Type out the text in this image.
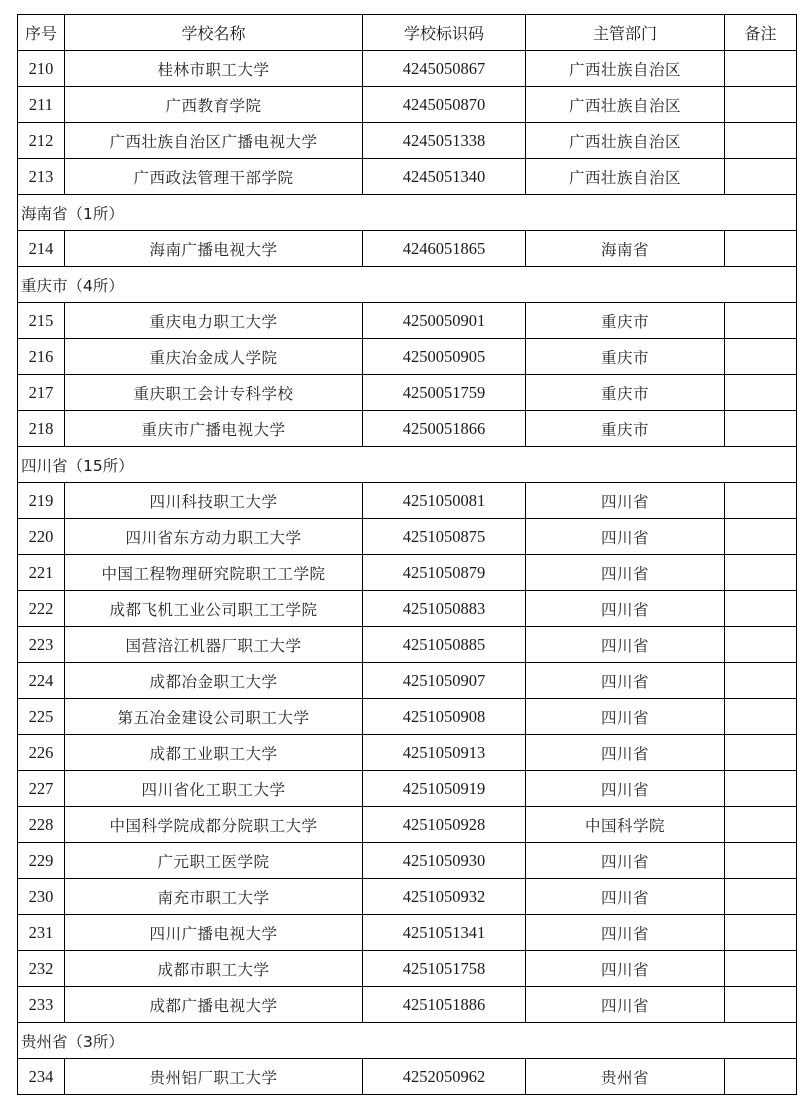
序号	学校名称	学校标识码	主管部门	备注
210	桂林市职工大学	4245050867	广西壮族自治区	
211	广西教育学院	4245050870	广西壮族自治区	
212	广西壮族自治区广播电视大学	4245051338	广西壮族自治区	
213	广西政法管理干部学院	4245051340	广西壮族自治区	
海南省（1所）				
214	海南广播电视大学	4246051865	海南省	
重庆市（4所）				
215	重庆电力职工大学	4250050901	重庆市	
216	重庆冶金成人学院	4250050905	重庆市	
217	重庆职工会计专科学校	4250051759	重庆市	
218	重庆市广播电视大学	4250051866	重庆市	
四川省（15所）				
219	四川科技职工大学	4251050081	四川省	
220	四川省东方动力职工大学	4251050875	四川省	
221	中国工程物理研究院职工工学院	4251050879	四川省	
222	成都飞机工业公司职工工学院	4251050883	四川省	
223	国营涪江机器厂职工大学	4251050885	四川省	
224	成都冶金职工大学	4251050907	四川省	
225	第五冶金建设公司职工大学	4251050908	四川省	
226	成都工业职工大学	4251050913	四川省	
227	四川省化工职工大学	4251050919	四川省	
228	中国科学院成都分院职工大学	4251050928	中国科学院	
229	广元职工医学院	4251050930	四川省	
230	南充市职工大学	4251050932	四川省	
231	四川广播电视大学	4251051341	四川省	
232	成都市职工大学	4251051758	四川省	
233	成都广播电视大学	4251051886	四川省	
贵州省（3所）				
234	贵州铝厂职工大学	4252050962	贵州省	
